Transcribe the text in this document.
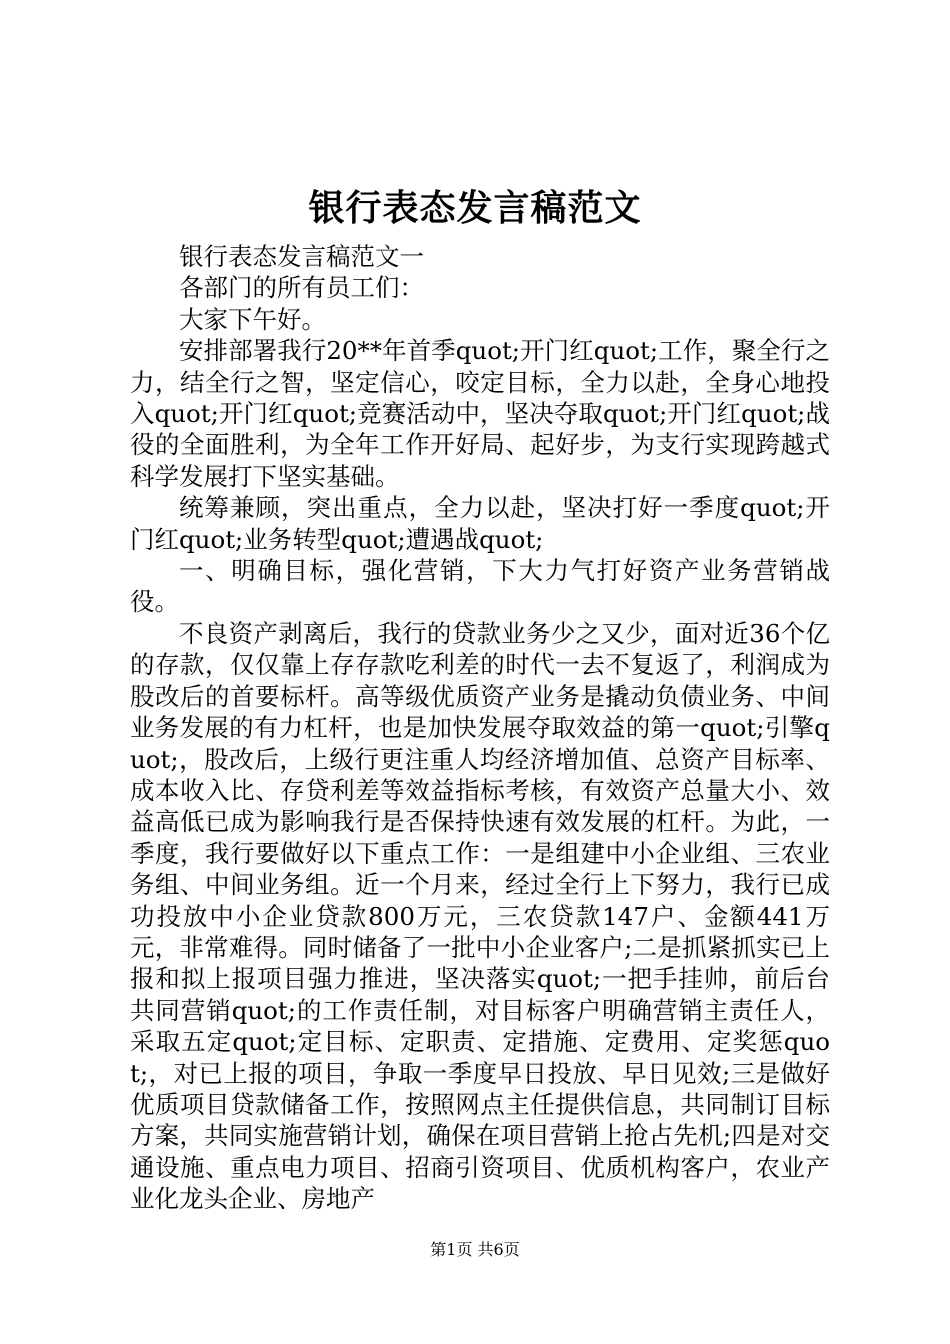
银行表态发言稿范文

银行表态发言稿范文一

各部门的所有员工们：

大家下午好。

安排部署我行20**年首季quot;开门红quot;工作，聚全行之力，结全行之智，坚定信心，咬定目标，全力以赴，全身心地投入quot;开门红quot;竞赛活动中，坚决夺取quot;开门红quot;战役的全面胜利，为全年工作开好局、起好步，为支行实现跨越式科学发展打下坚实基础。

统筹兼顾，突出重点，全力以赴，坚决打好一季度quot;开门红quot;业务转型quot;遭遇战quot;

一、明确目标，强化营销，下大力气打好资产业务营销战役。

不良资产剥离后，我行的贷款业务少之又少，面对近36个亿的存款，仅仅靠上存存款吃利差的时代一去不复返了，利润成为股改后的首要标杆。高等级优质资产业务是撬动负债业务、中间业务发展的有力杠杆，也是加快发展夺取效益的第一quot;引擎quot;，股改后，上级行更注重人均经济增加值、总资产目标率、成本收入比、存贷利差等效益指标考核，有效资产总量大小、效益高低已成为影响我行是否保持快速有效发展的杠杆。为此，一季度，我行要做好以下重点工作：一是组建中小企业组、三农业务组、中间业务组。近一个月来，经过全行上下努力，我行已成功投放中小企业贷款800万元，三农贷款147户、金额441万元，非常难得。同时储备了一批中小企业客户;二是抓紧抓实已上报和拟上报项目强力推进，坚决落实quot;一把手挂帅，前后台共同营销quot;的工作责任制，对目标客户明确营销主责任人，采取五定quot;定目标、定职责、定措施、定费用、定奖惩quot;，对已上报的项目，争取一季度早日投放、早日见效;三是做好优质项目贷款储备工作，按照网点主任提供信息，共同制订目标方案，共同实施营销计划，确保在项目营销上抢占先机;四是对交通设施、重点电力项目、招商引资项目、优质机构客户，农业产业化龙头企业、房地产

第1页 共6页
